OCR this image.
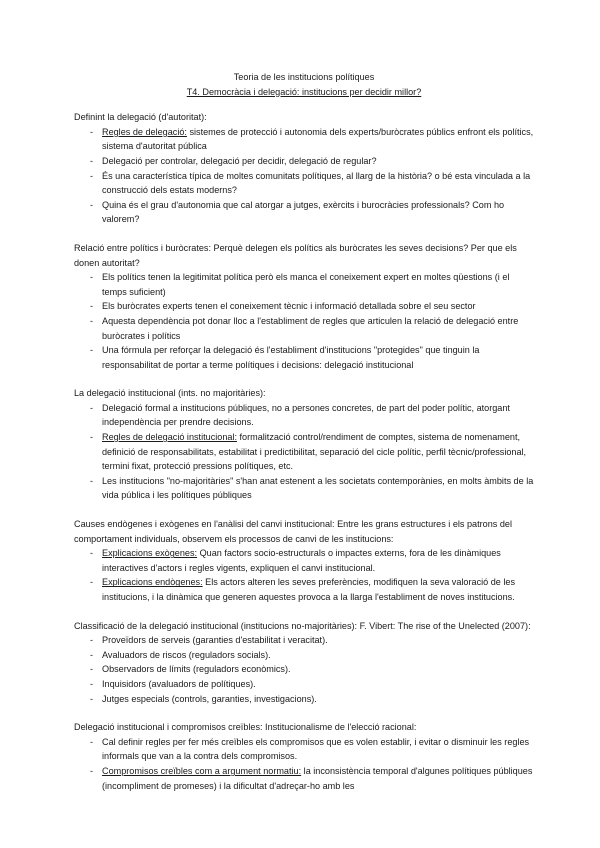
Teoria de les institucions polítiques
T4. Democràcia i delegació: institucions per decidir millor?
Definint la delegació (d'autoritat):
- Regles de delegació: sistemes de protecció i autonomia dels experts/buròcrates públics enfront els polítics, sistema d'autoritat pública
- Delegació per controlar, delegació per decidir, delegació de regular?
- És una característica típica de moltes comunitats polítiques, al llarg de la història? o bé esta vinculada a la construcció dels estats moderns?
- Quina és el grau d'autonomia que cal atorgar a jutges, exèrcits i burocràcies professionals? Com ho valorem?
Relació entre polítics i buròcrates: Perquè delegen els polítics als buròcrates les seves decisions? Per que els donen autoritat?
- Els polítics tenen la legitimitat política però els manca el coneixement expert en moltes qüestions (i el temps suficient)
- Els buròcrates experts tenen el coneixement tècnic i informació detallada sobre el seu sector
- Aquesta dependència pot donar lloc a l'establiment de regles que articulen la relació de delegació entre buròcrates i polítics
- Una fórmula per reforçar la delegació és l'establiment d'institucions "protegides" que tinguin la responsabilitat de portar a terme polítiques i decisions: delegació institucional
La delegació institucional (ints. no majoritàries):
- Delegació formal a institucions públiques, no a persones concretes, de part del poder polític, atorgant independència per prendre decisions.
- Regles de delegació institucional: formalització control/rendiment de comptes, sistema de nomenament, definició de responsabilitats, estabilitat i predictibilitat, separació del cicle polític, perfil tècnic/professional, termini fixat, protecció pressions polítiques, etc.
- Les institucions "no-majoritàries" s'han anat estenent a les societats contemporànies, en molts àmbits de la vida pública i les polítiques públiques
Causes endògenes i exògenes en l'anàlisi del canvi institucional: Entre les grans estructures i els patrons del comportament individuals, observem els processos de canvi de les institucions:
- Explicacions exògenes: Quan factors socio-estructurals o impactes externs, fora de les dinàmiques interactives d'actors i regles vigents, expliquen el canvi institucional.
- Explicacions endògenes: Els actors alteren les seves preferències, modifiquen la seva valoració de les institucions, i la dinàmica que generen aquestes provoca a la llarga l'establiment de noves institucions.
Classificació de la delegació institucional (institucions no-majoritàries): F. Vibert: The rise of the Unelected (2007):
- Proveïdors de serveis (garanties d'estabilitat i veracitat).
- Avaluadors de riscos (reguladors socials).
- Observadors de límits (reguladors econòmics).
- Inquisidors (avaluadors de polítiques).
- Jutges especials (controls, garanties, investigacions).
Delegació institucional i compromisos creïbles: Institucionalisme de l'elecció racional:
- Cal definir regles per fer més creïbles els compromisos que es volen establir, i evitar o disminuir les regles informals que van a la contra dels compromisos.
- Compromisos creïbles com a argument normatiu: la inconsistència temporal d'algunes polítiques públiques (incompliment de promeses) i la dificultat d'adreçar-ho amb les
